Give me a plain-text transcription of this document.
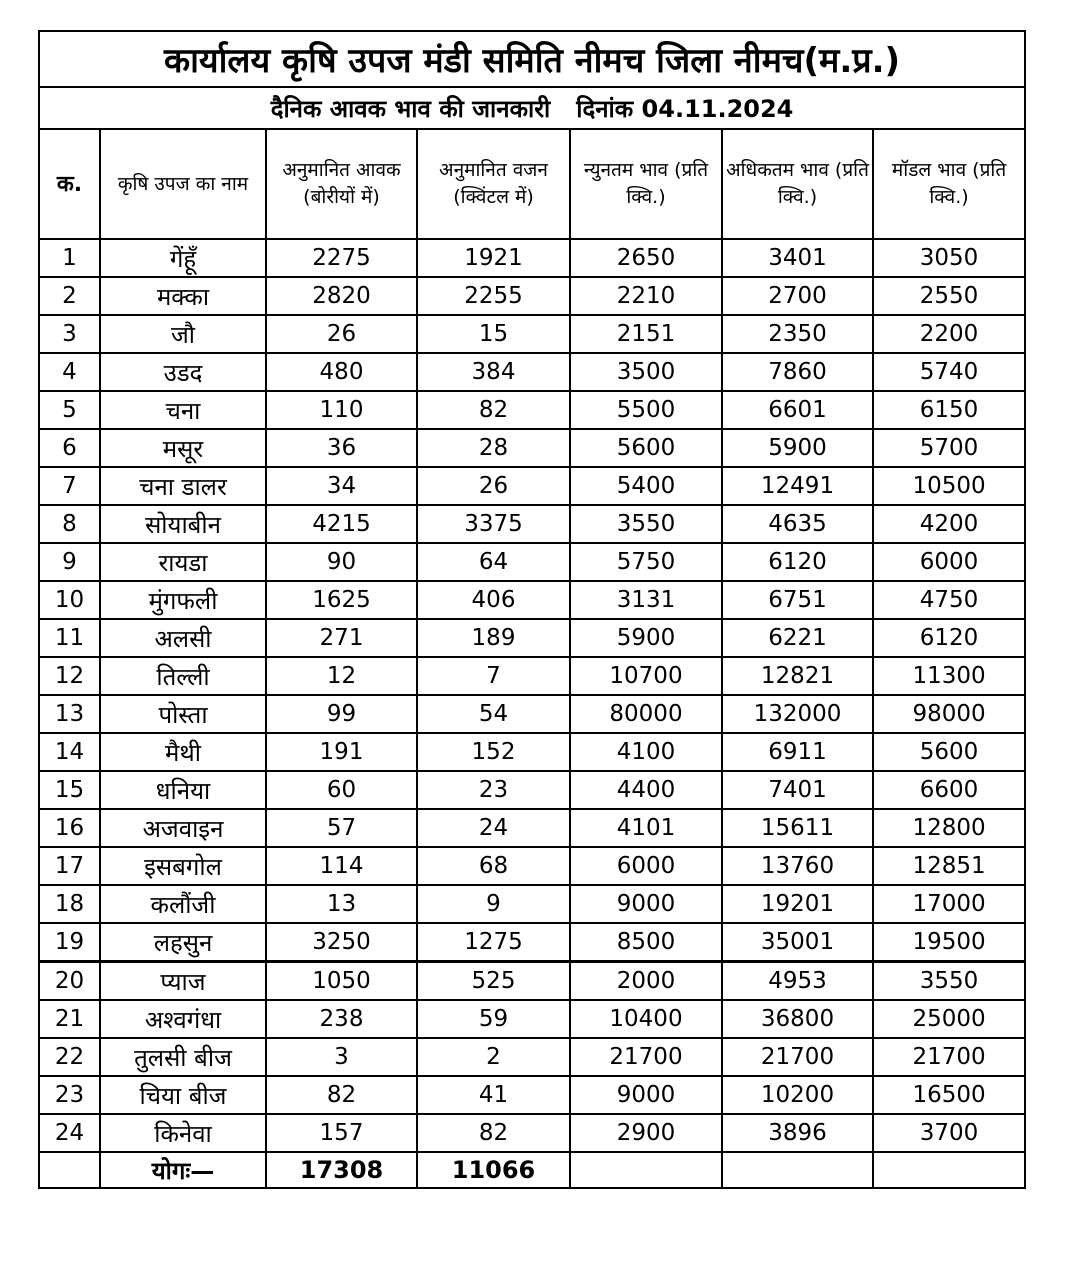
कार्यालय कृषि उपज मंडी समिति नीमच जिला नीमच(म.प्र.)						
दैनिक आवक भाव की जानकारी दिनांक 04.11.2024						
क.	कृषि उपज का नाम	अनुमानित आवक (बोरीयों में)	अनुमानित वजन (क्विंटल में)	न्युनतम भाव (प्रति क्वि.)	अधिकतम भाव (प्रति क्वि.)	मॉडल भाव (प्रति क्वि.)
1	गेंहूँ	2275	1921	2650	3401	3050
2	मक्का	2820	2255	2210	2700	2550
3	जौ	26	15	2151	2350	2200
4	उडद	480	384	3500	7860	5740
5	चना	110	82	5500	6601	6150
6	मसूर	36	28	5600	5900	5700
7	चना डालर	34	26	5400	12491	10500
8	सोयाबीन	4215	3375	3550	4635	4200
9	रायडा	90	64	5750	6120	6000
10	मुंगफली	1625	406	3131	6751	4750
11	अलसी	271	189	5900	6221	6120
12	तिल्ली	12	7	10700	12821	11300
13	पोस्ता	99	54	80000	132000	98000
14	मैथी	191	152	4100	6911	5600
15	धनिया	60	23	4400	7401	6600
16	अजवाइन	57	24	4101	15611	12800
17	इसबगोल	114	68	6000	13760	12851
18	कलौंजी	13	9	9000	19201	17000
19	लहसुन	3250	1275	8500	35001	19500
20	प्याज	1050	525	2000	4953	3550
21	अश्वगंधा	238	59	10400	36800	25000
22	तुलसी बीज	3	2	21700	21700	21700
23	चिया बीज	82	41	9000	10200	16500
24	किनेवा	157	82	2900	3896	3700
	योगः—	17308	11066			
